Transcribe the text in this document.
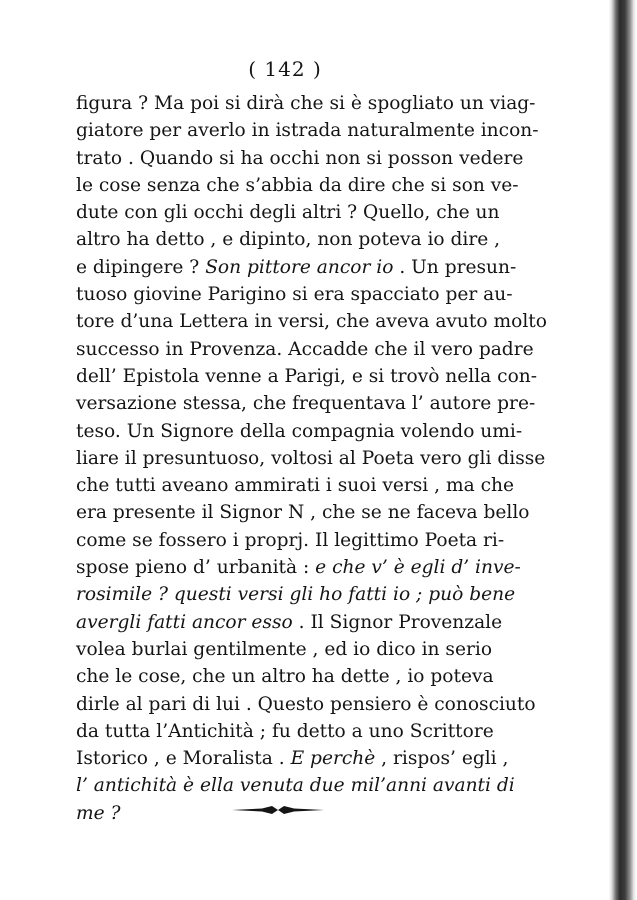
( 142 )
figura ? Ma poi si dirà che si è spogliato un viag-
giatore per averlo in istrada naturalmente incon-
trato . Quando si ha occhi non si posson vedere
le cose senza che s’abbia da dire che si son ve-
dute con gli occhi degli altri ? Quello, che un
altro ha detto , e dipinto, non poteva io dire ,
e dipingere ? Son pittore ancor io . Un presun-
tuoso giovine Parigino si era spacciato per au-
tore d’una Lettera in versi, che aveva avuto molto
successo in Provenza. Accadde che il vero padre
dell’ Epistola venne a Parigi, e si trovò nella con-
versazione stessa, che frequentava l’ autore pre-
teso. Un Signore della compagnia volendo umi-
liare il presuntuoso, voltosi al Poeta vero gli disse
che tutti aveano ammirati i suoi versi , ma che
era presente il Signor N , che se ne faceva bello
come se fossero i proprj. Il legittimo Poeta ri-
spose pieno d’ urbanità : e che v’ è egli d’ inve-
rosimile ? questi versi gli ho fatti io ; può bene
avergli fatti ancor esso . Il Signor Provenzale
volea burlai gentilmente , ed io dico in serio
che le cose, che un altro ha dette , io poteva
dirle al pari di lui . Questo pensiero è conosciuto
da tutta l’Antichità ; fu detto a uno Scrittore
Istorico , e Moralista . E perchè , rispos’ egli ,
l’ antichità è ella venuta due mil’anni avanti di
me ?
